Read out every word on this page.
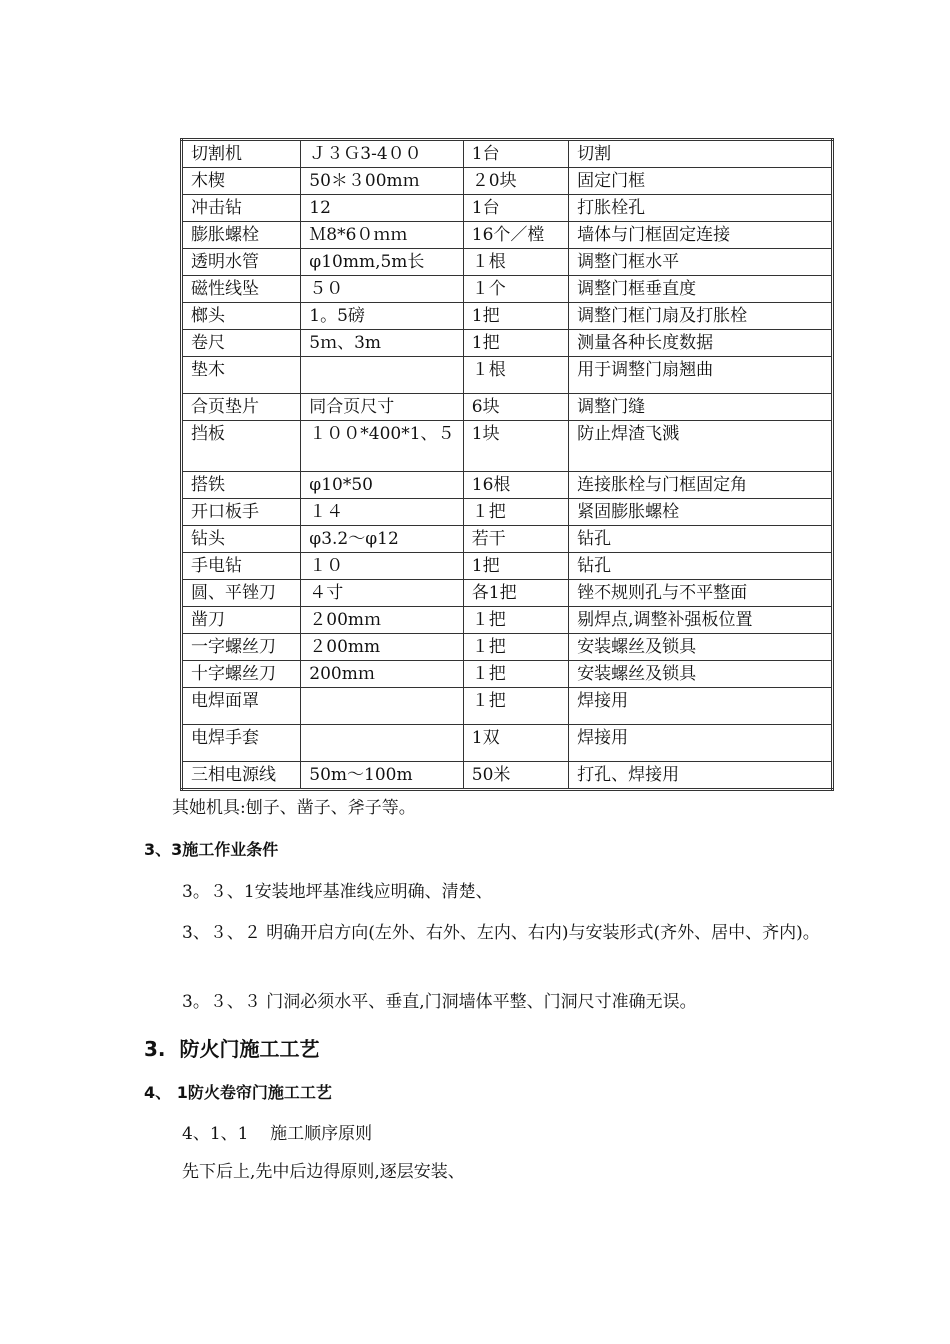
切割机	Ｊ３Ｇ3-4００	1台	切割
木楔	50＊３00mｍ	２0块	固定门框
冲击钻	12	1台	打胀栓孔
膨胀螺栓	Ｍ8*6０ｍｍ	16个／樘	墙体与门框固定连接
透明水管	φ10mm,5m长	１根	调整门框水平
磁性线坠	５０	１个	调整门框垂直度
榔头	1。5磅	1把	调整门框门扇及打胀栓
卷尺	5ｍ、3m	1把	测量各种长度数据
垫木		１根	用于调整门扇翘曲
合页垫片	同合页尺寸	6块	调整门缝
挡板	１００*400*1、５	1块	防止焊渣飞溅
搭铁	φ10*50	16根	连接胀栓与门框固定角
开口板手	１４	１把	紧固膨胀螺栓
钻头	φ3.2～φ12	若干	钻孔
手电钻	１０	1把	钻孔
圆、平锉刀	４寸	各1把	锉不规则孔与不平整面
凿刀	２00mｍ	１把	剔焊点,调整补强板位置
一字螺丝刀	２00mm	１把	安装螺丝及锁具
十字螺丝刀	200mｍ	１把	安装螺丝及锁具
电焊面罩		１把	焊接用
电焊手套		1双	焊接用
三相电源线	50m～100m	50米	打孔、焊接用
其她机具:刨子、凿子、斧子等。
3、3施工作业条件
3。３、1安装地坪基准线应明确、清楚、
3、３、２ 明确开启方向(左外、右外、左内、右内)与安装形式(齐外、居中、齐内)。
3。３、３ 门洞必须水平、垂直,门洞墙体平整、门洞尺寸准确无误。
3.  防火门施工工艺
4、 1防火卷帘门施工工艺
4、1、1    施工顺序原则
先下后上,先中后边得原则,逐层安装、
